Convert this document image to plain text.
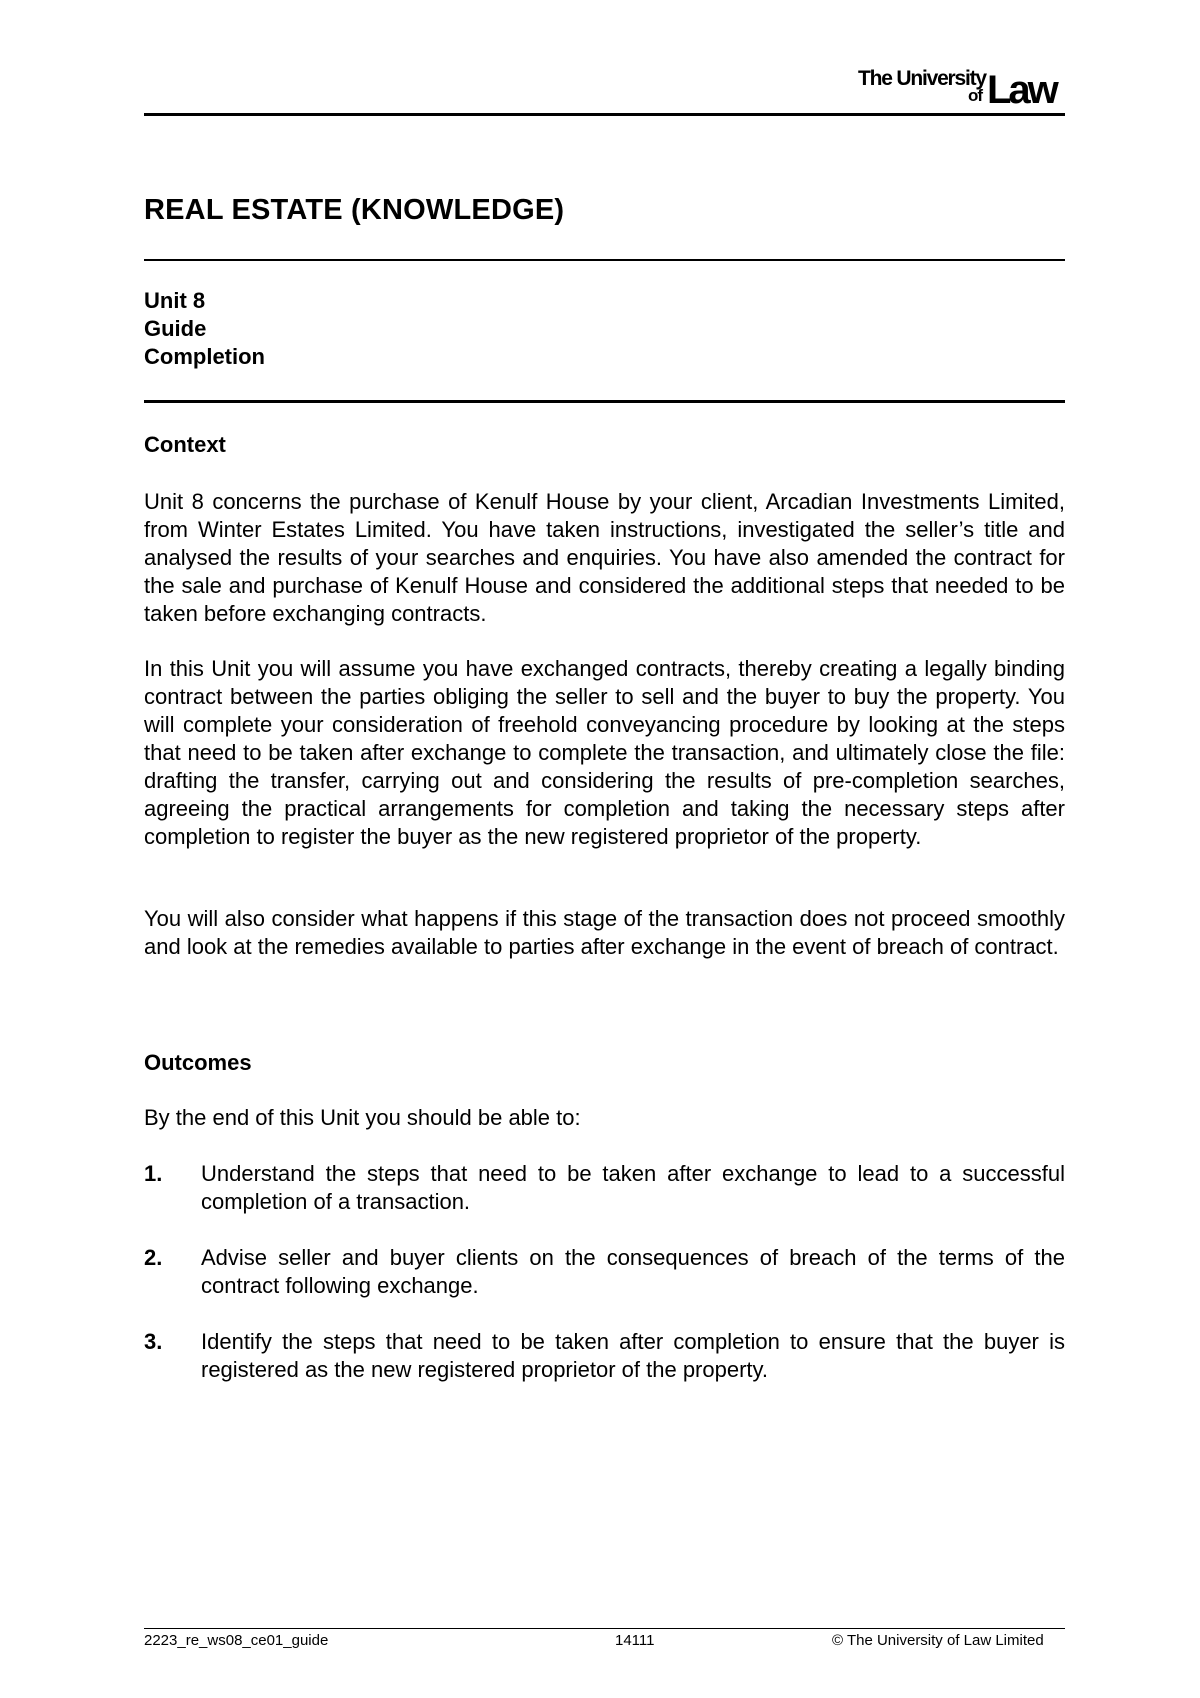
The University
of Law
REAL ESTATE (KNOWLEDGE)
Unit 8
Guide
Completion
Context
Unit 8 concerns the purchase of Kenulf House by your client, Arcadian Investments Limited, from Winter Estates Limited. You have taken instructions, investigated the seller’s title and analysed the results of your searches and enquiries. You have also amended the contract for the sale and purchase of Kenulf House and considered the additional steps that needed to be taken before exchanging contracts.
In this Unit you will assume you have exchanged contracts, thereby creating a legally binding contract between the parties obliging the seller to sell and the buyer to buy the property. You will complete your consideration of freehold conveyancing procedure by looking at the steps that need to be taken after exchange to complete the transaction, and ultimately close the file: drafting the transfer, carrying out and considering the results of pre-completion searches, agreeing the practical arrangements for completion and taking the necessary steps after completion to register the buyer as the new registered proprietor of the property.
You will also consider what happens if this stage of the transaction does not proceed smoothly and look at the remedies available to parties after exchange in the event of breach of contract.
Outcomes
By the end of this Unit you should be able to:
1. Understand the steps that need to be taken after exchange to lead to a successful completion of a transaction.
2. Advise seller and buyer clients on the consequences of breach of the terms of the contract following exchange.
3. Identify the steps that need to be taken after completion to ensure that the buyer is registered as the new registered proprietor of the property.
2223_re_ws08_ce01_guide	14111	© The University of Law Limited
